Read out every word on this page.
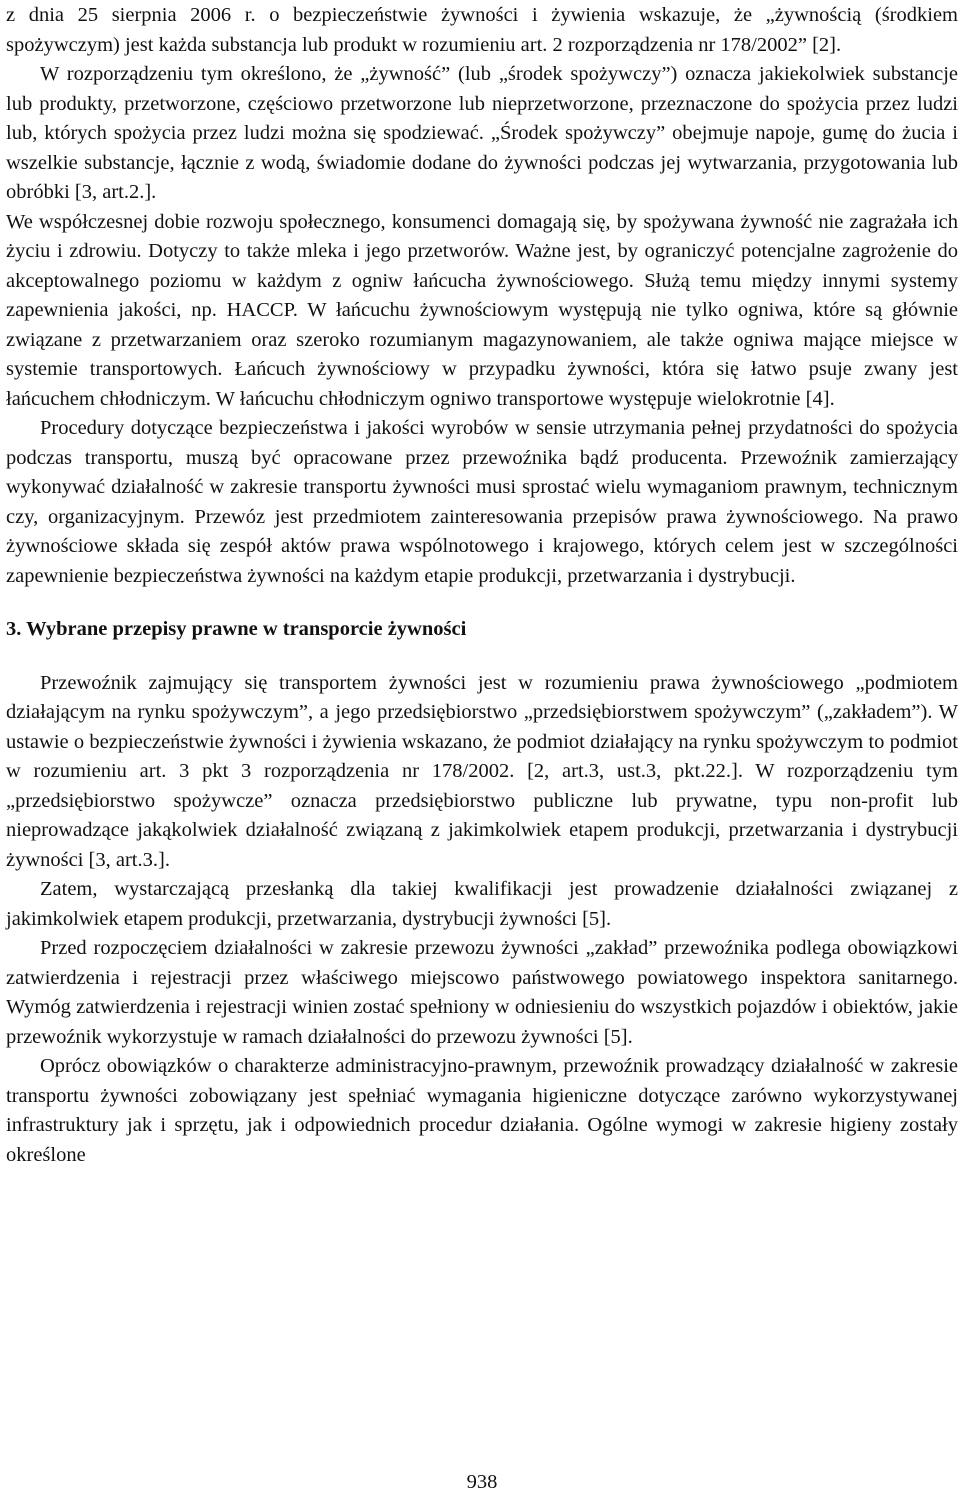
z dnia 25 sierpnia 2006 r. o bezpieczeństwie żywności i żywienia wskazuje, że „żywnością (środkiem spożywczym) jest każda substancja lub produkt w rozumieniu art. 2 rozporządzenia nr 178/2002” [2].

W rozporządzeniu tym określono, że „żywność” (lub „środek spożywczy”) oznacza jakiekolwiek substancje lub produkty, przetworzone, częściowo przetworzone lub nieprzetworzone, przeznaczone do spożycia przez ludzi lub, których spożycia przez ludzi można się spodziewać. „Środek spożywczy” obejmuje napoje, gumę do żucia i wszelkie substancje, łącznie z wodą, świadomie dodane do żywności podczas jej wytwarzania, przygotowania lub obróbki [3, art.2.].

We współczesnej dobie rozwoju społecznego, konsumenci domagają się, by spożywana żywność nie zagrażała ich życiu i zdrowiu. Dotyczy to także mleka i jego przetworów. Ważne jest, by ograniczyć potencjalne zagrożenie do akceptowalnego poziomu w każdym z ogniw łańcucha żywnościowego. Służą temu między innymi systemy zapewnienia jakości, np. HACCP. W łańcuchu żywnościowym występują nie tylko ogniwa, które są głównie związane z przetwarzaniem oraz szeroko rozumianym magazynowaniem, ale także ogniwa mające miejsce w systemie transportowych. Łańcuch żywnościowy w przypadku żywności, która się łatwo psuje zwany jest łańcuchem chłodniczym. W łańcuchu chłodniczym ogniwo transportowe występuje wielokrotnie [4].

Procedury dotyczące bezpieczeństwa i jakości wyrobów w sensie utrzymania pełnej przydatności do spożycia podczas transportu, muszą być opracowane przez przewoźnika bądź producenta. Przewoźnik zamierzający wykonywać działalność w zakresie transportu żywności musi sprostać wielu wymaganiom prawnym, technicznym czy, organizacyjnym. Przewóz jest przedmiotem zainteresowania przepisów prawa żywnościowego. Na prawo żywnościowe składa się zespół aktów prawa wspólnotowego i krajowego, których celem jest w szczególności zapewnienie bezpieczeństwa żywności na każdym etapie produkcji, przetwarzania i dystrybucji.

3. Wybrane przepisy prawne w transporcie żywności

Przewoźnik zajmujący się transportem żywności jest w rozumieniu prawa żywnościowego „podmiotem działającym na rynku spożywczym”, a jego przedsiębiorstwo „przedsiębiorstwem spożywczym” („zakładem”). W ustawie o bezpieczeństwie żywności i żywienia wskazano, że podmiot działający na rynku spożywczym to podmiot w rozumieniu art. 3 pkt 3 rozporządzenia nr 178/2002. [2, art.3, ust.3, pkt.22.]. W rozporządzeniu tym „przedsiębiorstwo spożywcze” oznacza przedsiębiorstwo publiczne lub prywatne, typu non-profit lub nieprowadzące jakąkolwiek działalność związaną z jakimkolwiek etapem produkcji, przetwarzania i dystrybucji żywności [3, art.3.].

Zatem, wystarczającą przesłanką dla takiej kwalifikacji jest prowadzenie działalności związanej z jakimkolwiek etapem produkcji, przetwarzania, dystrybucji żywności [5].

Przed rozpoczęciem działalności w zakresie przewozu żywności „zakład” przewoźnika podlega obowiązkowi zatwierdzenia i rejestracji przez właściwego miejscowo państwowego powiatowego inspektora sanitarnego. Wymóg zatwierdzenia i rejestracji winien zostać spełniony w odniesieniu do wszystkich pojazdów i obiektów, jakie przewoźnik wykorzystuje w ramach działalności do przewozu żywności [5].

Oprócz obowiązków o charakterze administracyjno-prawnym, przewoźnik prowadzący działalność w zakresie transportu żywności zobowiązany jest spełniać wymagania higieniczne dotyczące zarówno wykorzystywanej infrastruktury jak i sprzętu, jak i odpowiednich procedur działania. Ogólne wymogi w zakresie higieny zostały określone

938
